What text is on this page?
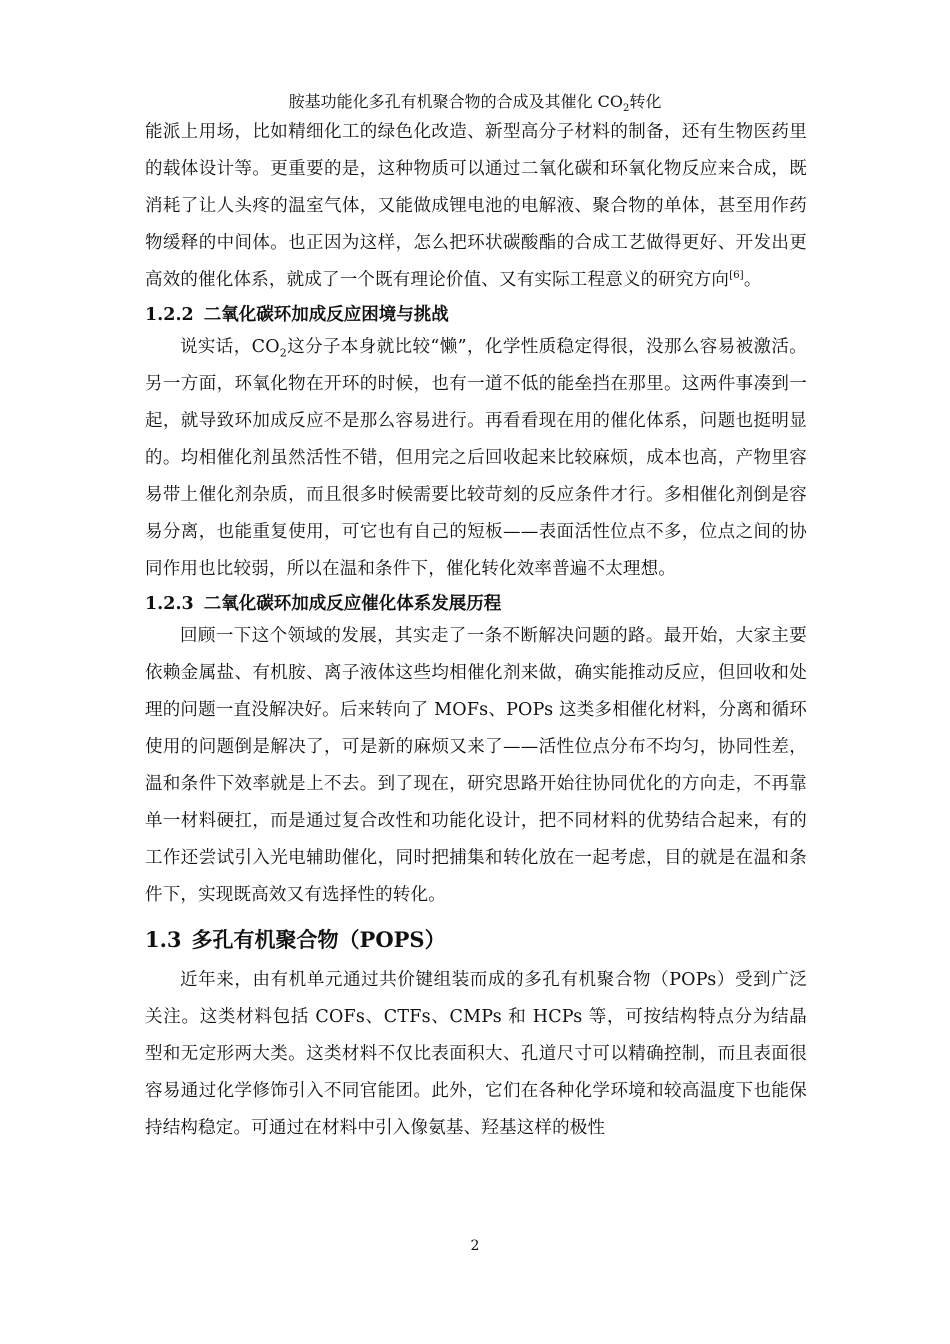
胺基功能化多孔有机聚合物的合成及其催化 $CO_2$转化

能派上用场，比如精细化工的绿色化改造、新型高分子材料的制备，还有生物医药里的载体设计等。更重要的是，这种物质可以通过二氧化碳和环氧化物反应来合成，既消耗了让人头疼的温室气体，又能做成锂电池的电解液、聚合物的单体，甚至用作药物缓释的中间体。也正因为这样，怎么把环状碳酸酯的合成工艺做得更好、开发出更高效的催化体系，就成了一个既有理论价值、又有实际工程意义的研究方向[6]。

1.2.2 二氧化碳环加成反应困境与挑战

说实话，$CO_2$这分子本身就比较“懒”，化学性质稳定得很，没那么容易被激活。另一方面，环氧化物在开环的时候，也有一道不低的能垒挡在那里。这两件事凑到一起，就导致环加成反应不是那么容易进行。再看看现在用的催化体系，问题也挺明显的。均相催化剂虽然活性不错，但用完之后回收起来比较麻烦，成本也高，产物里容易带上催化剂杂质，而且很多时候需要比较苛刻的反应条件才行。多相催化剂倒是容易分离，也能重复使用，可它也有自己的短板——表面活性位点不多，位点之间的协同作用也比较弱，所以在温和条件下，催化转化效率普遍不太理想。

1.2.3 二氧化碳环加成反应催化体系发展历程

回顾一下这个领域的发展，其实走了一条不断解决问题的路。最开始，大家主要依赖金属盐、有机胺、离子液体这些均相催化剂来做，确实能推动反应，但回收和处理的问题一直没解决好。后来转向了 MOFs、POPs 这类多相催化材料，分离和循环使用的问题倒是解决了，可是新的麻烦又来了——活性位点分布不均匀，协同性差，温和条件下效率就是上不去。到了现在，研究思路开始往协同优化的方向走，不再靠单一材料硬扛，而是通过复合改性和功能化设计，把不同材料的优势结合起来，有的工作还尝试引入光电辅助催化，同时把捕集和转化放在一起考虑，目的就是在温和条件下，实现既高效又有选择性的转化。

1.3 多孔有机聚合物（POPS）

近年来，由有机单元通过共价键组装而成的多孔有机聚合物（POPs）受到广泛关注。这类材料包括 COFs、CTFs、CMPs 和 HCPs 等，可按结构特点分为结晶型和无定形两大类。这类材料不仅比表面积大、孔道尺寸可以精确控制，而且表面很容易通过化学修饰引入不同官能团。此外，它们在各种化学环境和较高温度下也能保持结构稳定。可通过在材料中引入像氨基、羟基这样的极性

2
